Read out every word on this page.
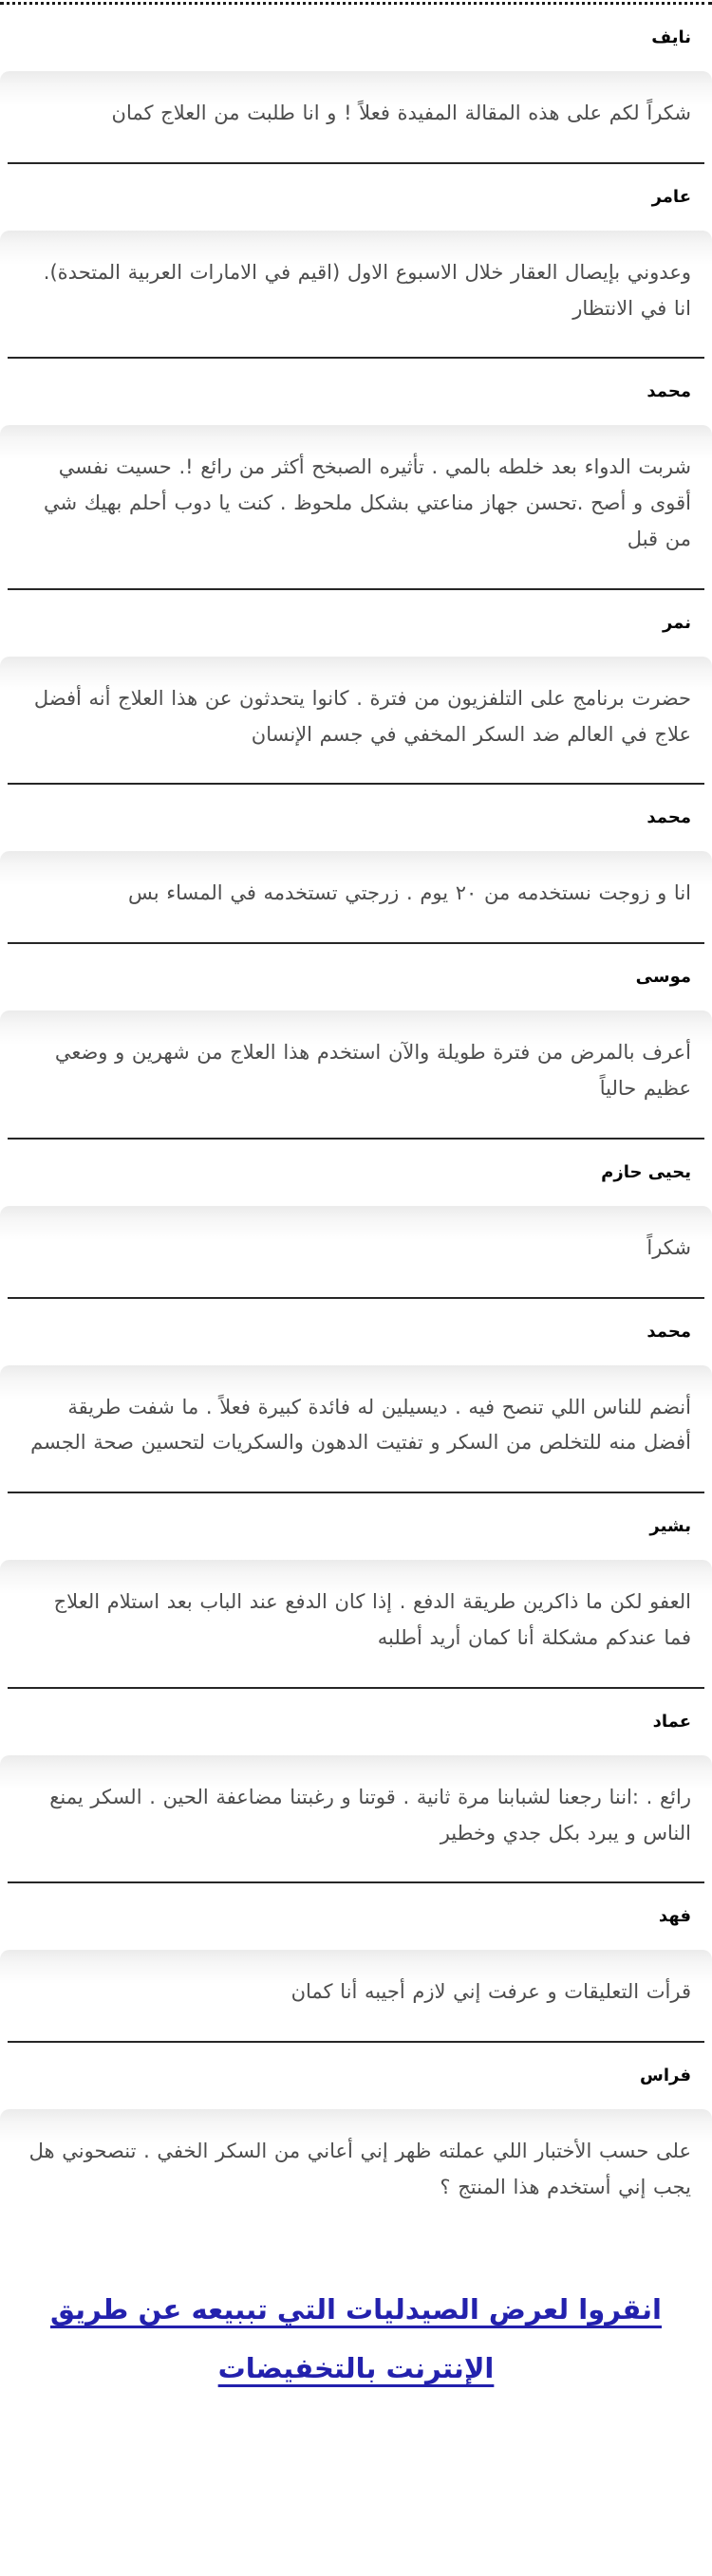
نايف
شكراً لكم على هذه المقالة المفيدة فعلاً ! و انا طلبت من العلاج كمان
عامر
وعدوني بإيصال العقار خلال الاسبوع الاول (اقيم في الامارات العربية المتحدة). انا في الانتظار
محمد
شربت الدواء بعد خلطه بالمي . تأثيره الصبخح أكثر من رائع !. حسيت نفسي أقوى و أصح .تحسن جهاز مناعتي بشكل ملحوظ . كنت يا دوب أحلم بهيك شي من قبل
نمر
حضرت برنامج على التلفزيون من فترة . كانوا يتحدثون عن هذا العلاج أنه أفضل علاج في العالم ضد السكر المخفي في جسم الإنسان
محمد
انا و زوجت نستخدمه من ٢٠ يوم . زرجتي تستخدمه في المساء بس
موسى
أعرف بالمرض من فترة طويلة والآن استخدم هذا العلاج من شهرين و وضعي عظيم حالياً
يحيى حازم
شكراً
محمد
أنضم للناس اللي تنصح فيه . ديسيلين له فائدة كبيرة فعلاً . ما شفت طريقة أفضل منه للتخلص من السكر و تفتيت الدهون والسكريات لتحسين صحة الجسم
بشير
العفو لكن ما ذاكرين طريقة الدفع . إذا كان الدفع عند الباب بعد استلام العلاج فما عندكم مشكلة أنا كمان أريد أطلبه
عماد
رائع . :اننا رجعنا لشبابنا مرة ثانية . قوتنا و رغبتنا مضاعفة الحين . السكر يمنع الناس و يبرد بكل جدي وخطير
فهد
قرأت التعليقات و عرفت إني لازم أجيبه أنا كمان
فراس
على حسب الأختبار اللي عملته ظهر إني أعاني من السكر الخفي . تنصحوني هل يجب إني أستخدم هذا المنتج ؟
انقروا لعرض الصيدليات التي تببيعه عن طريق الإنترنت بالتخفيضات
